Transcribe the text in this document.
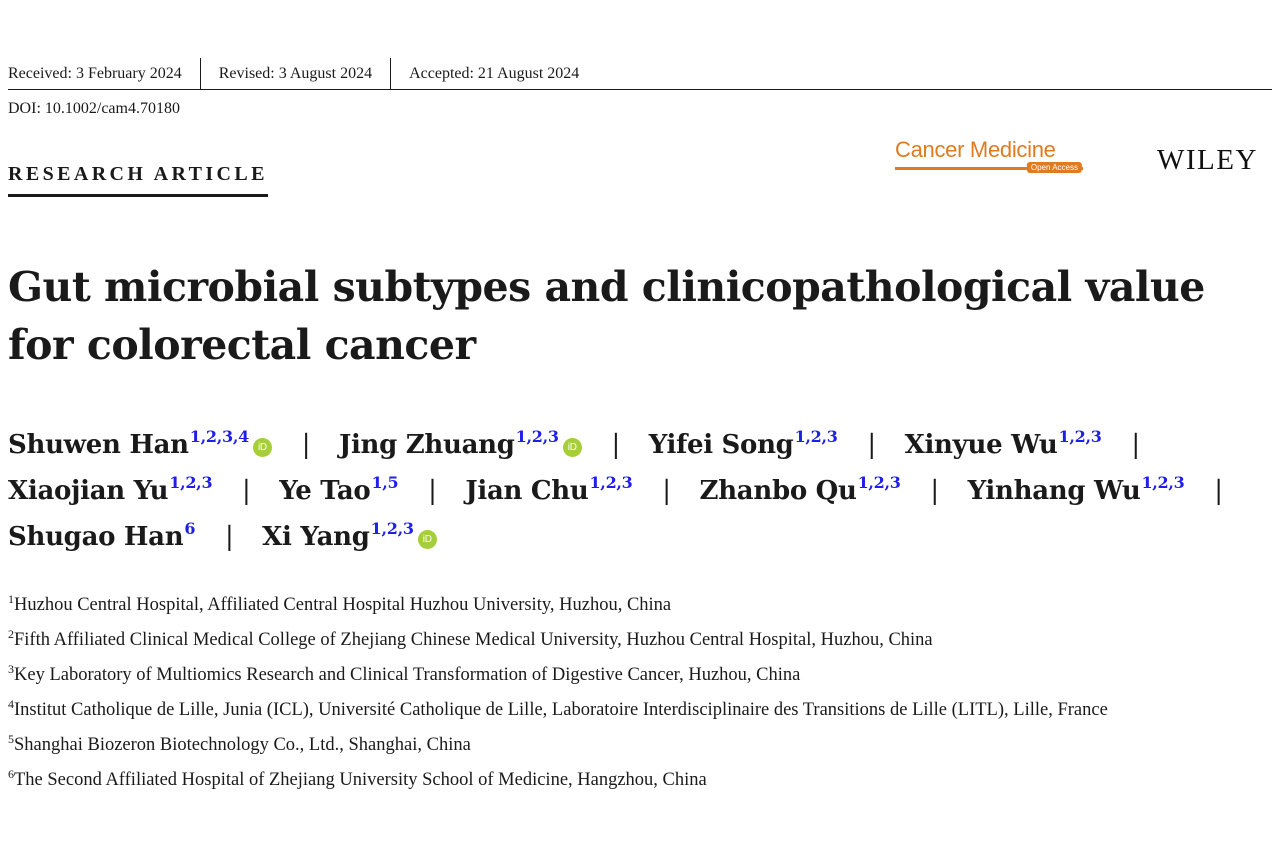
Received: 3 February 2024	Revised: 3 August 2024	Accepted: 21 August 2024
DOI: 10.1002/cam4.70180
RESEARCH ARTICLE
Cancer Medicine
Open Access	WILEY
Gut microbial subtypes and clinicopathological value for colorectal cancer
Shuwen Han$^{1,2,3,4}$iD | Jing Zhuang$^{1,2,3}$iD | Yifei Song$^{1,2,3}$ | Xinyue Wu$^{1,2,3}$ |
Xiaojian Yu$^{1,2,3}$ | Ye Tao$^{1,5}$ | Jian Chu$^{1,2,3}$ | Zhanbo Qu$^{1,2,3}$ | Yinhang Wu$^{1,2,3}$ |
Shugao Han$^6$ | Xi Yang$^{1,2,3}$iD
$^1$Huzhou Central Hospital, Affiliated Central Hospital Huzhou University, Huzhou, China
$^2$Fifth Affiliated Clinical Medical College of Zhejiang Chinese Medical University, Huzhou Central Hospital, Huzhou, China
$^3$Key Laboratory of Multiomics Research and Clinical Transformation of Digestive Cancer, Huzhou, China
$^4$Institut Catholique de Lille, Junia (ICL), Université Catholique de Lille, Laboratoire Interdisciplinaire des Transitions de Lille (LITL), Lille, France
$^5$Shanghai Biozeron Biotechnology Co., Ltd., Shanghai, China
$^6$The Second Affiliated Hospital of Zhejiang University School of Medicine, Hangzhou, China
